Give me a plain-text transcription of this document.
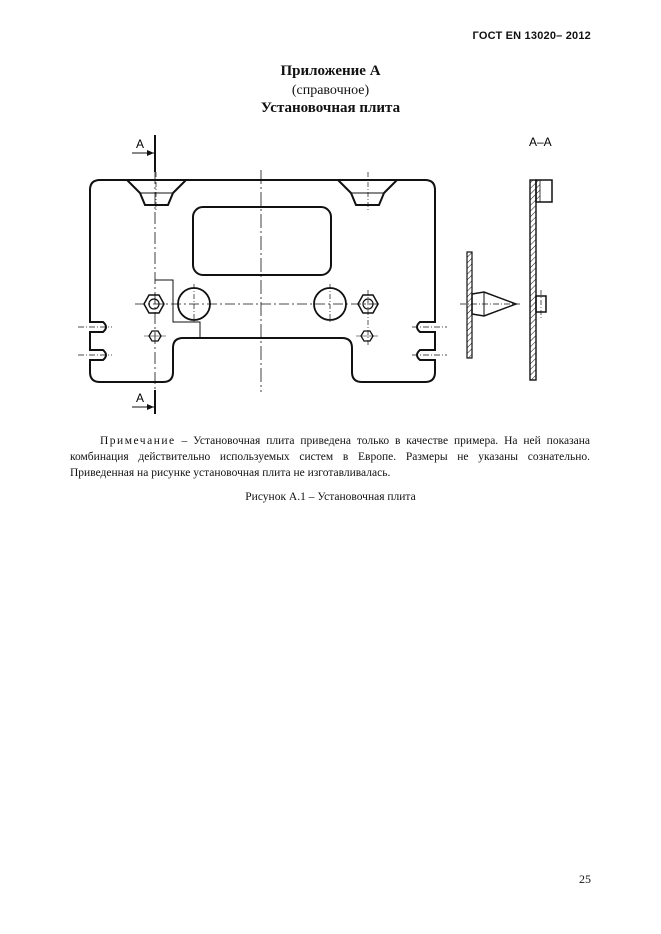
ГОСТ EN 13020– 2012
Приложение А
(справочное)
Установочная плита
А
А
А–А
Примечание – Установочная плита приведена только в качестве примера. На ней показана комбинация действительно используемых систем в Европе. Размеры не указаны сознательно. Приведенная на рисунке установочная плита не изготавливалась.
Рисунок А.1 – Установочная плита
25
